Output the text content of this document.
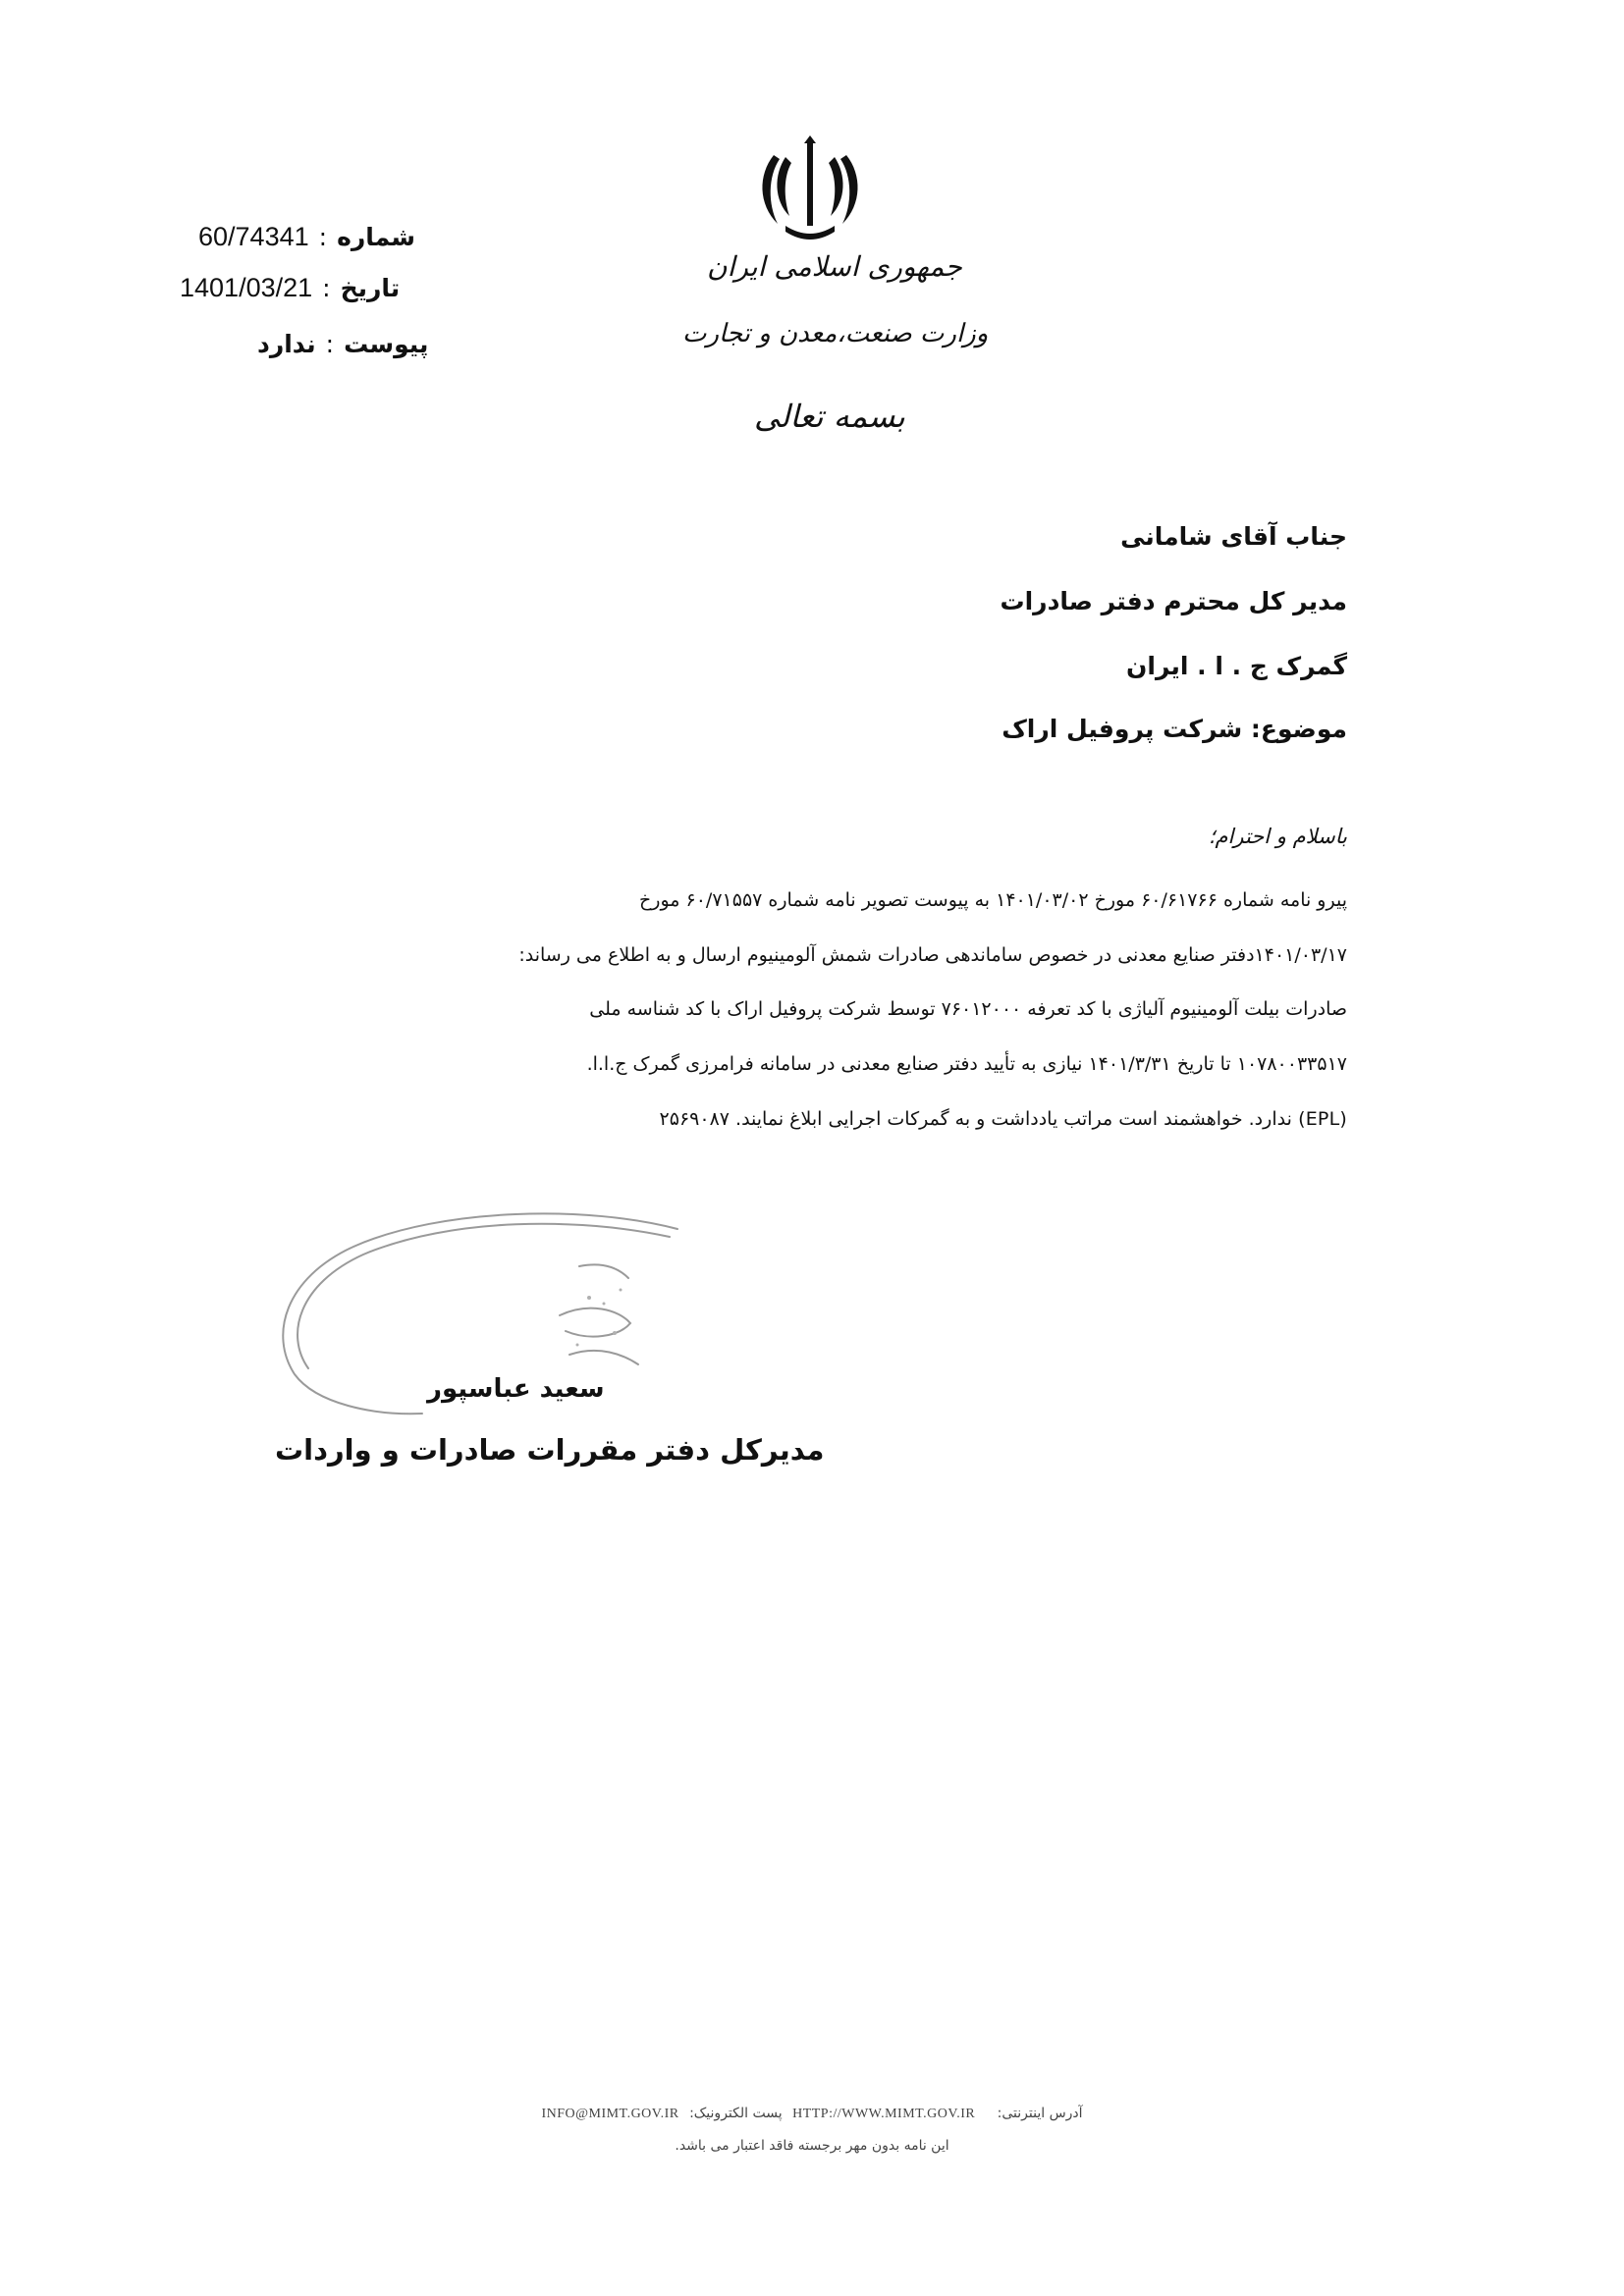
شماره
:
60/74341
تاریخ
:
1401/03/21
پیوست
:
ندارد
جمهوری اسلامی ایران
وزارت صنعت،معدن و تجارت
بسمه تعالی
جناب آقای شامانی
مدیر کل محترم دفتر صادرات
گمرک ج . ا . ایران
موضوع: شرکت پروفیل اراک
باسلام و احترام؛
پیرو نامه شماره ۶۰/۶۱۷۶۶ مورخ ۱۴۰۱/۰۳/۰۲ به پیوست تصویر نامه شماره ۶۰/۷۱۵۵۷ مورخ
۱۴۰۱/۰۳/۱۷دفتر صنایع معدنی در خصوص ساماندهی صادرات شمش آلومینیوم ارسال و به اطلاع می رساند:
صادرات بیلت آلومینیوم آلیاژی با کد تعرفه ۷۶۰۱۲۰۰۰ توسط شرکت پروفیل اراک با کد شناسه ملی
۱۰۷۸۰۰۳۳۵۱۷ تا تاریخ ۱۴۰۱/۳/۳۱ نیازی به تأیید دفتر صنایع معدنی در سامانه فرامرزی گمرک ج.ا.ا.
(EPL) ندارد. خواهشمند است مراتب یادداشت و به گمرکات اجرایی ابلاغ نمایند. ۲۵۶۹۰۸۷
سعید عباسپور
مدیرکل دفتر مقررات صادرات و واردات
آدرس اینترنتی: HTTP://WWW.MIMT.GOV.IR پست الکترونیک: INFO@MIMT.GOV.IR
این نامه بدون مهر برجسته فاقد اعتبار می باشد.
